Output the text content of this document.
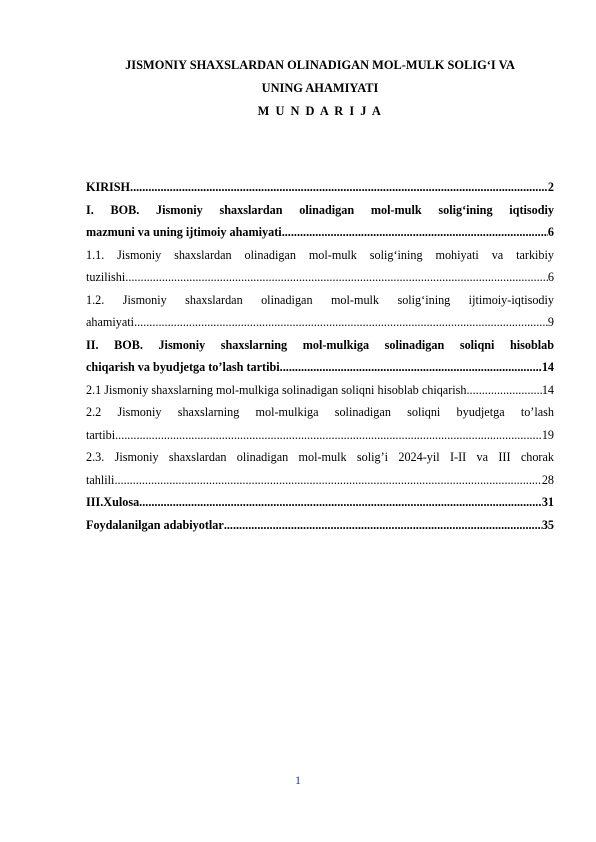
JISMONIY SHAXSLARDAN OLINADIGAN MOL-MULK SOLIG‘I VA
UNING AHAMIYATI
M U N D A R I J A
KIRISH .....	2
I. BOB. Jismoniy shaxslardan olinadigan mol-mulk solig‘ining iqtisodiy
mazmuni va uning ijtimoiy ahamiyati .....	6
1.1. Jismoniy shaxslardan olinadigan mol-mulk solig‘ining mohiyati va tarkibiy
tuzilishi .....	6
1.2. Jismoniy shaxslardan olinadigan mol-mulk solig‘ining ijtimoiy-iqtisodiy
ahamiyati .....	9
II. BOB. Jismoniy shaxslarning mol-mulkiga solinadigan soliqni hisoblab
chiqarish va byudjetga to’lash tartibi .....	14
2.1 Jismoniy shaxslarning mol-mulkiga solinadigan soliqni hisoblab chiqarish .....	14
2.2 Jismoniy shaxslarning mol-mulkiga solinadigan soliqni byudjetga to’lash
tartibi .....	19
2.3. Jismoniy shaxslardan olinadigan mol-mulk solig’i 2024-yil I-II va III chorak
tahlili .....	28
III.Xulosa .....	31
Foydalanilgan adabiyotlar .....	35
1
